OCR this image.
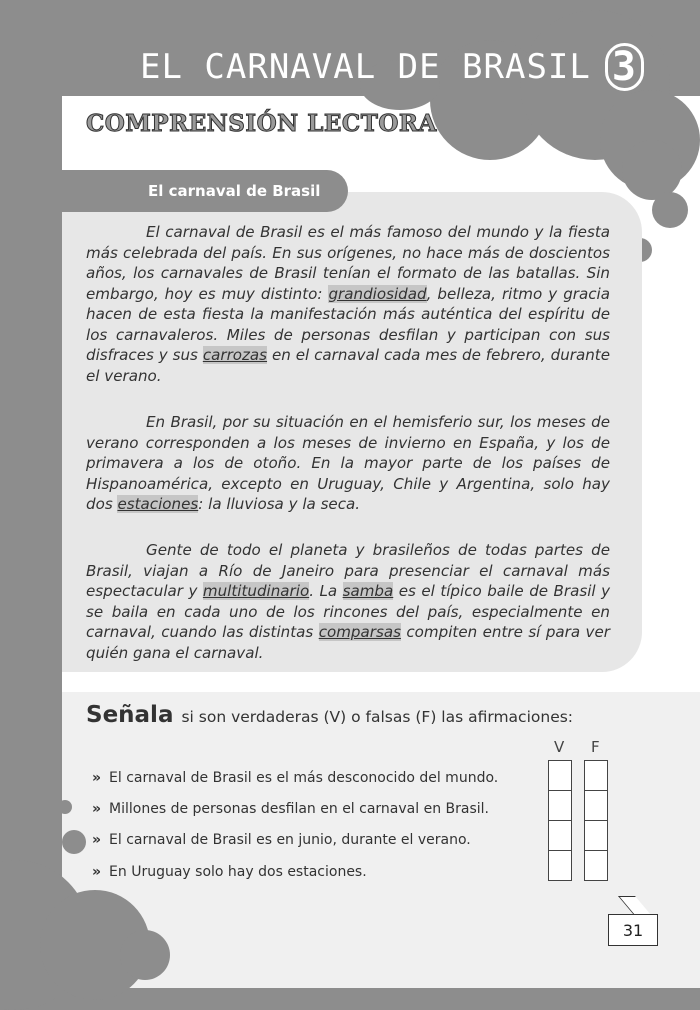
EL CARNAVAL DE BRASIL 3
COMPRENSIÓN LECTORA
El carnaval de Brasil
El carnaval de Brasil es el más famoso del mundo y la fiesta más celebrada del país. En sus orígenes, no hace más de doscientos años, los carnavales de Brasil tenían el formato de las batallas. Sin embargo, hoy es muy distinto: grandiosidad, belleza, ritmo y gracia hacen de esta fiesta la manifestación más auténtica del espíritu de los carnavaleros. Miles de personas desfilan y participan con sus disfraces y sus carrozas en el carnaval cada mes de febrero, durante el verano.
En Brasil, por su situación en el hemisferio sur, los meses de verano corresponden a los meses de invierno en España, y los de primavera a los de otoño. En la mayor parte de los países de Hispanoamérica, excepto en Uruguay, Chile y Argentina, solo hay dos estaciones: la lluviosa y la seca.
Gente de todo el planeta y brasileños de todas partes de Brasil, viajan a Río de Janeiro para presenciar el carnaval más espectacular y multitudinario. La samba es el típico baile de Brasil y se baila en cada uno de los rincones del país, especialmente en carnaval, cuando las distintas comparsas compiten entre sí para ver quién gana el carnaval.
Señala si son verdaderas (V) o falsas (F) las afirmaciones:
V F
» El carnaval de Brasil es el más desconocido del mundo.
» Millones de personas desfilan en el carnaval en Brasil.
» El carnaval de Brasil es en junio, durante el verano.
» En Uruguay solo hay dos estaciones.
31
